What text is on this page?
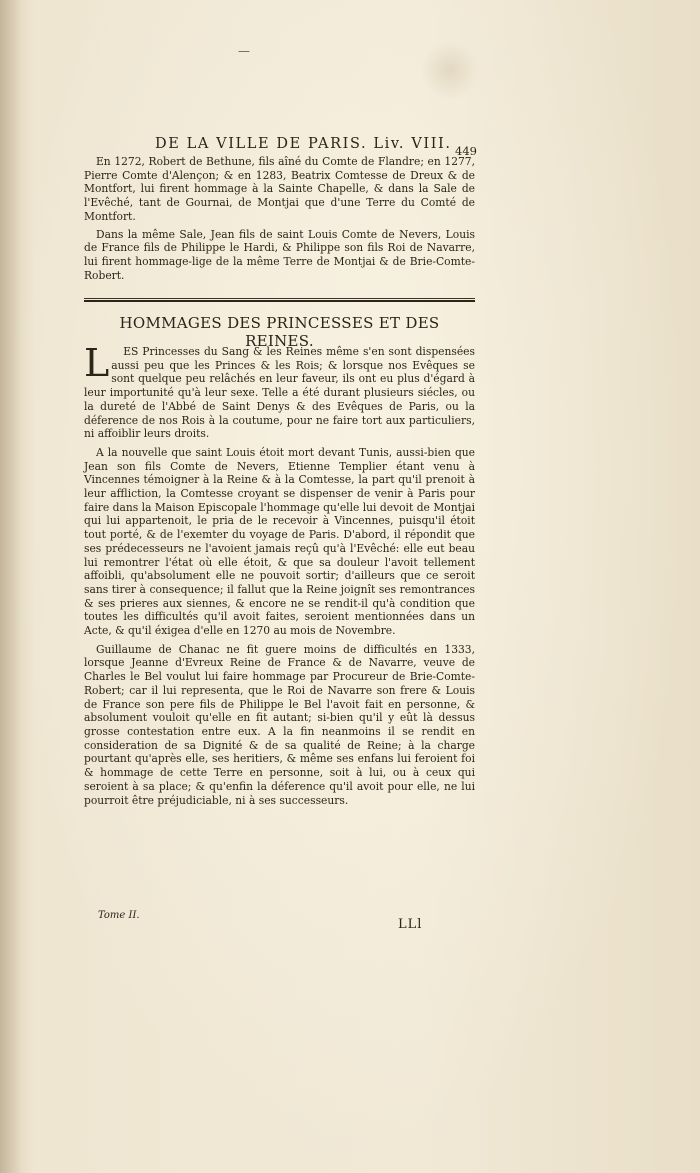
—
DE LA VILLE DE PARIS. Liv. VIII. 449

En 1272, Robert de Bethune, fils aîné du Comte de Flandre; en 1277, Pierre Comte d'Alençon; & en 1283, Beatrix Comtesse de Dreux & de Montfort, lui firent hommage à la Sainte Chapelle, & dans la Sale de l'Evêché, tant de Gournai, de Montjai que d'une Terre du Comté de Montfort.

Dans la même Sale, Jean fils de saint Louis Comte de Nevers, Louis de France fils de Philippe le Hardi, & Philippe son fils Roi de Navarre, lui firent hommage-lige de la même Terre de Montjai & de Brie-Comte-Robert.

HOMMAGES DES PRINCESSES ET DES REINES.

L ES Princesses du Sang & les Reines même s'en sont dispensées aussi peu que les Princes & les Rois; & lorsque nos Evêques se sont quelque peu relâchés en leur faveur, ils ont eu plus d'égard à leur importunité qu'à leur sexe. Telle a été durant plusieurs siécles, ou la dureté de l'Abbé de Saint Denys & des Evêques de Paris, ou la déference de nos Rois à la coutume, pour ne faire tort aux particuliers, ni affoiblir leurs droits.

A la nouvelle que saint Louis étoit mort devant Tunis, aussi-bien que Jean son fils Comte de Nevers, Etienne Templier étant venu à Vincennes témoigner à la Reine & à la Comtesse, la part qu'il prenoit à leur affliction, la Comtesse croyant se dispenser de venir à Paris pour faire dans la Maison Episcopale l'hommage qu'elle lui devoit de Montjai qui lui appartenoit, le pria de le recevoir à Vincennes, puisqu'il étoit tout porté, & de l'exemter du voyage de Paris. D'abord, il répondit que ses prédecesseurs ne l'avoient jamais reçû qu'à l'Evêché: elle eut beau lui remontrer l'état où elle étoit, & que sa douleur l'avoit tellement affoibli, qu'absolument elle ne pouvoit sortir; d'ailleurs que ce seroit sans tirer à consequence; il fallut que la Reine joignît ses remontrances & ses prieres aux siennes, & encore ne se rendit-il qu'à condition que toutes les difficultés qu'il avoit faites, seroient mentionnées dans un Acte, & qu'il éxigea d'elle en 1270 au mois de Novembre.

Guillaume de Chanac ne fit guere moins de difficultés en 1333, lorsque Jeanne d'Evreux Reine de France & de Navarre, veuve de Charles le Bel voulut lui faire hommage par Procureur de Brie-Comte-Robert; car il lui representa, que le Roi de Navarre son frere & Louis de France son pere fils de Philippe le Bel l'avoit fait en personne, & absolument vouloit qu'elle en fit autant; si-bien qu'il y eût là dessus grosse contestation entre eux. A la fin neanmoins il se rendit en consideration de sa Dignité & de sa qualité de Reine; à la charge pourtant qu'après elle, ses heritiers, & même ses enfans lui feroient foi & hommage de cette Terre en personne, soit à lui, ou à ceux qui seroient à sa place; & qu'enfin la déference qu'il avoit pour elle, ne lui pourroit être préjudiciable, ni à ses successeurs.

Tome II.
LLl
